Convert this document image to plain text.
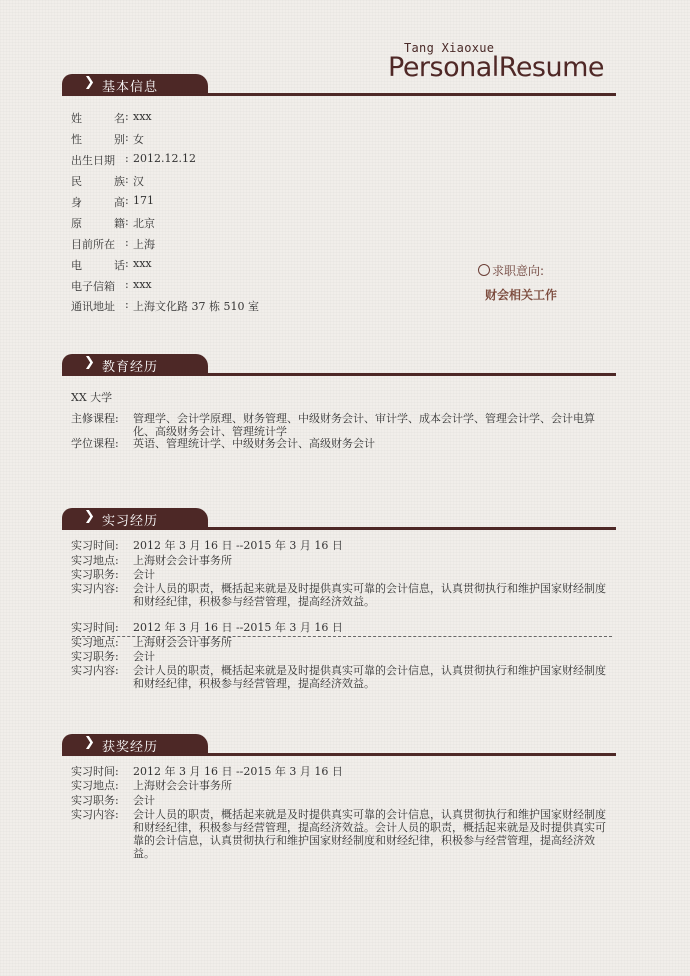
Tang Xiaoxue
PersonalResume
❯ 基本信息
姓名 : xxx
性别 : 女
出生日期 : 2012.12.12
民族 : 汉
身高 : 171
原籍 : 北京
目前所在 : 上海
电话 : xxx
电子信箱 : xxx
通讯地址 : 上海文化路 37 栋 510 室
求职意向:
财会相关工作
❯ 教育经历
XX 大学
主修课程: 管理学、会计学原理、财务管理、中级财务会计、审计学、成本会计学、管理会计学、会计电算化、高级财务会计、管理统计学
学位课程: 英语、管理统计学、中级财务会计、高级财务会计
❯ 实习经历
实习时间: 2012 年 3 月 16 日 --2015 年 3 月 16 日
实习地点: 上海财会会计事务所
实习职务: 会计
实习内容: 会计人员的职责，概括起来就是及时提供真实可靠的会计信息，认真贯彻执行和维护国家财经制度和财经纪律，积极参与经营管理，提高经济效益。
实习时间: 2012 年 3 月 16 日 --2015 年 3 月 16 日
实习地点: 上海财会会计事务所
实习职务: 会计
实习内容: 会计人员的职责，概括起来就是及时提供真实可靠的会计信息，认真贯彻执行和维护国家财经制度和财经纪律，积极参与经营管理，提高经济效益。
❯ 获奖经历
实习时间: 2012 年 3 月 16 日 --2015 年 3 月 16 日
实习地点: 上海财会会计事务所
实习职务: 会计
实习内容: 会计人员的职责，概括起来就是及时提供真实可靠的会计信息，认真贯彻执行和维护国家财经制度和财经纪律，积极参与经营管理，提高经济效益。会计人员的职责，概括起来就是及时提供真实可靠的会计信息，认真贯彻执行和维护国家财经制度和财经纪律，积极参与经营管理，提高经济效益。
